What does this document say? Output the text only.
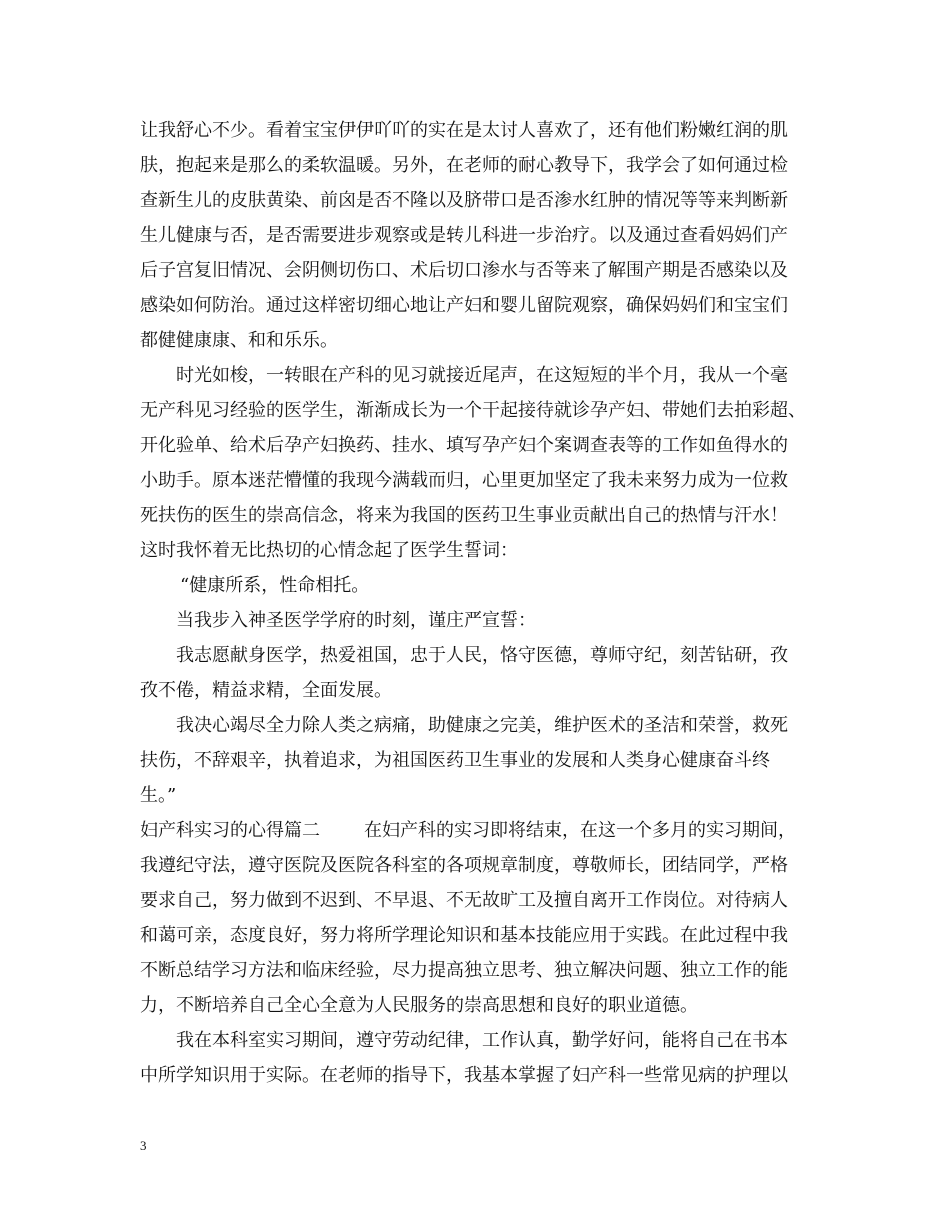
让我舒心不少。看着宝宝伊伊吖吖的实在是太讨人喜欢了，还有他们粉嫩红润的肌
肤，抱起来是那么的柔软温暖。另外，在老师的耐心教导下，我学会了如何通过检
查新生儿的皮肤黄染、前囟是否不隆以及脐带口是否渗水红肿的情况等等来判断新
生儿健康与否，是否需要进步观察或是转儿科进一步治疗。以及通过查看妈妈们产
后子宫复旧情况、会阴侧切伤口、术后切口渗水与否等来了解围产期是否感染以及
感染如何防治。通过这样密切细心地让产妇和婴儿留院观察，确保妈妈们和宝宝们
都健健康康、和和乐乐。
时光如梭，一转眼在产科的见习就接近尾声，在这短短的半个月，我从一个毫
无产科见习经验的医学生，渐渐成长为一个干起接待就诊孕产妇、带她们去拍彩超、
开化验单、给术后孕产妇换药、挂水、填写孕产妇个案调查表等的工作如鱼得水的
小助手。原本迷茫懵懂的我现今满载而归，心里更加坚定了我未来努力成为一位救
死扶伤的医生的崇高信念，将来为我国的医药卫生事业贡献出自己的热情与汗水！
这时我怀着无比热切的心情念起了医学生誓词：
“健康所系，性命相托。
当我步入神圣医学学府的时刻，谨庄严宣誓：
我志愿献身医学，热爱祖国，忠于人民，恪守医德，尊师守纪，刻苦钻研，孜
孜不倦，精益求精，全面发展。
我决心竭尽全力除人类之病痛，助健康之完美，维护医术的圣洁和荣誉，救死
扶伤，不辞艰辛，执着追求，为祖国医药卫生事业的发展和人类身心健康奋斗终
生。”
妇产科实习的心得篇二 在妇产科的实习即将结束，在这一个多月的实习期间，
我遵纪守法，遵守医院及医院各科室的各项规章制度，尊敬师长，团结同学，严格
要求自己，努力做到不迟到、不早退、不无故旷工及擅自离开工作岗位。对待病人
和蔼可亲，态度良好，努力将所学理论知识和基本技能应用于实践。在此过程中我
不断总结学习方法和临床经验，尽力提高独立思考、独立解决问题、独立工作的能
力，不断培养自己全心全意为人民服务的崇高思想和良好的职业道德。
我在本科室实习期间，遵守劳动纪律，工作认真，勤学好问，能将自己在书本
中所学知识用于实际。在老师的指导下，我基本掌握了妇产科一些常见病的护理以
3
